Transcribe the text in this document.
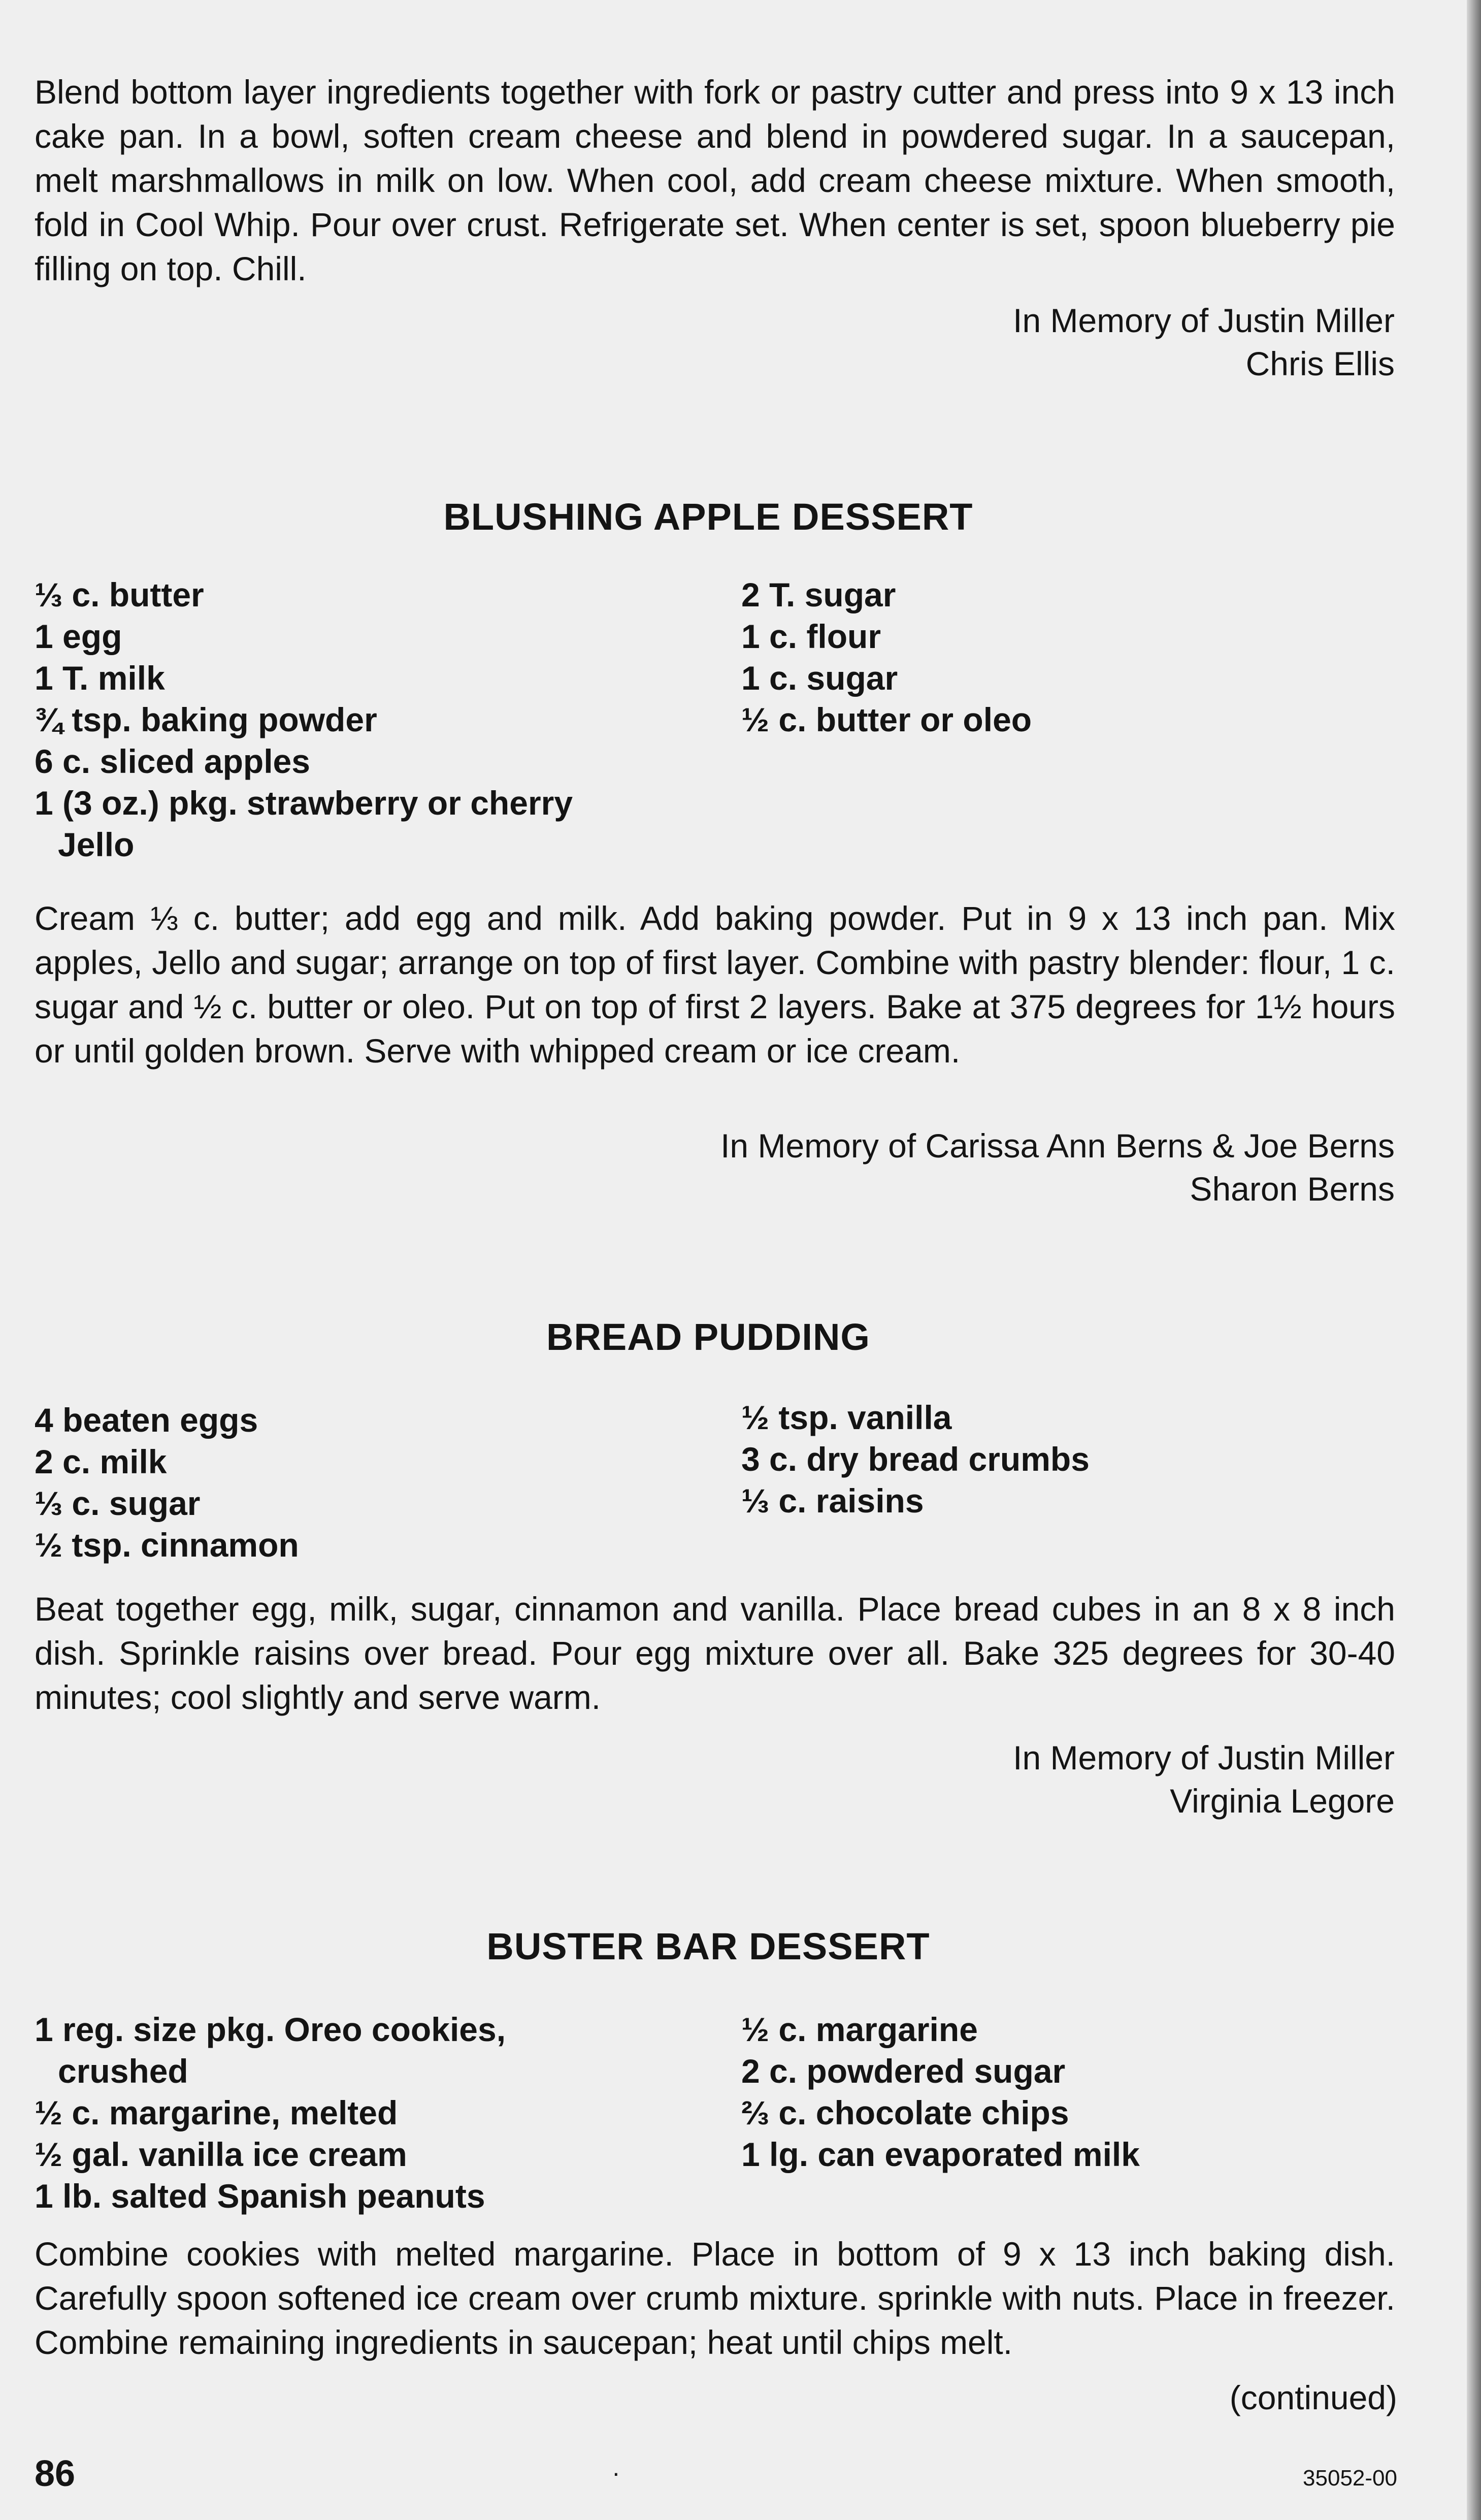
Blend bottom layer ingredients together with fork or pastry cutter and press into 9 x 13 inch cake pan. In a bowl, soften cream cheese and blend in powdered sugar. In a saucepan, melt marshmallows in milk on low. When cool, add cream cheese mixture. When smooth, fold in Cool Whip. Pour over crust. Refrigerate set. When center is set, spoon blueberry pie filling on top. Chill.

In Memory of Justin Miller

Chris Ellis

BLUSHING APPLE DESSERT
⅓ c. butter
1 egg
1 T. milk
¾ tsp. baking powder
6 c. sliced apples
1 (3 oz.) pkg. strawberry or cherry
Jello
2 T. sugar
1 c. flour
1 c. sugar
½ c. butter or oleo

Cream ⅓ c. butter; add egg and milk. Add baking powder. Put in 9 x 13 inch pan. Mix apples, Jello and sugar; arrange on top of first layer. Combine with pastry blender: flour, 1 c. sugar and ½ c. butter or oleo. Put on top of first 2 layers. Bake at 375 degrees for 1½ hours or until golden brown. Serve with whipped cream or ice cream.

In Memory of Carissa Ann Berns & Joe Berns

Sharon Berns

BREAD PUDDING
4 beaten eggs
2 c. milk
⅓ c. sugar
½ tsp. cinnamon
½ tsp. vanilla
3 c. dry bread crumbs
⅓ c. raisins

Beat together egg, milk, sugar, cinnamon and vanilla. Place bread cubes in an 8 x 8 inch dish. Sprinkle raisins over bread. Pour egg mixture over all. Bake 325 degrees for 30-40 minutes; cool slightly and serve warm.

In Memory of Justin Miller

Virginia Legore

BUSTER BAR DESSERT
1 reg. size pkg. Oreo cookies,
crushed
½ c. margarine, melted
½ gal. vanilla ice cream
1 lb. salted Spanish peanuts
½ c. margarine
2 c. powdered sugar
⅔ c. chocolate chips
1 lg. can evaporated milk

Combine cookies with melted margarine. Place in bottom of 9 x 13 inch baking dish. Carefully spoon softened ice cream over crumb mixture. sprinkle with nuts. Place in freezer. Combine remaining ingredients in saucepan; heat until chips melt.

(continued)

86	·	35052-00
